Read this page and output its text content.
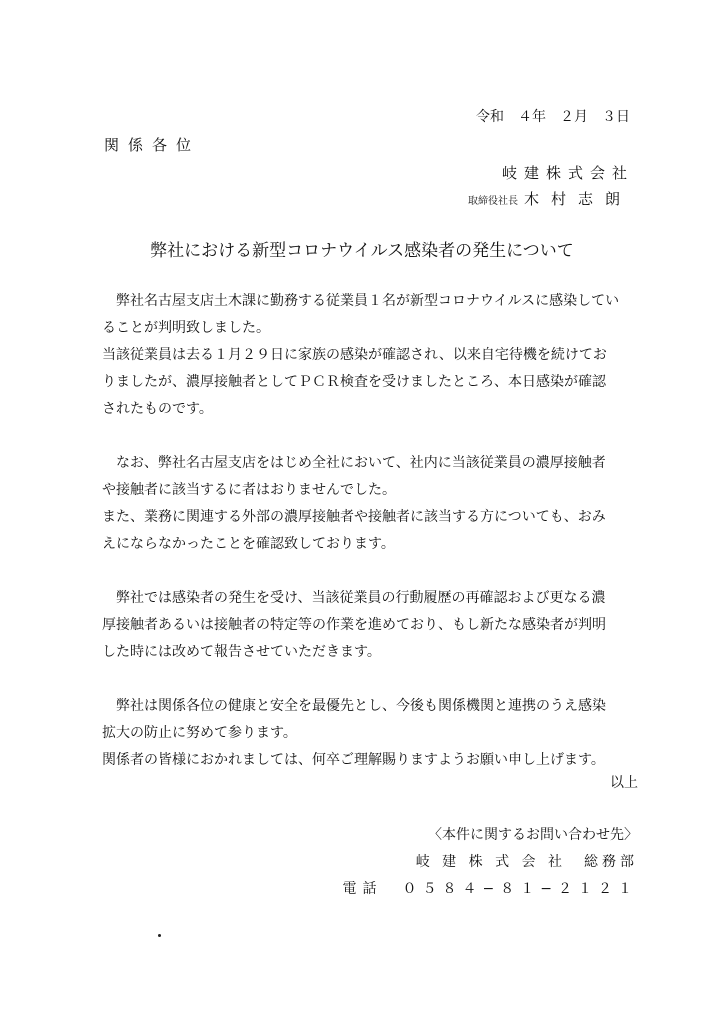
令和　４年　２月　３日
関係各位
岐建株式会社
取締役社長 木村志朗
弊社における新型コロナウイルス感染者の発生について

　弊社名古屋支店土木課に勤務する従業員１名が新型コロナウイルスに感染してい
ることが判明致しました。
当該従業員は去る１月２９日に家族の感染が確認され、以来自宅待機を続けてお
りましたが、濃厚接触者としてＰＣＲ検査を受けましたところ、本日感染が確認
されたものです。

　なお、弊社名古屋支店をはじめ全社において、社内に当該従業員の濃厚接触者
や接触者に該当するに者はおりませんでした。
また、業務に関連する外部の濃厚接触者や接触者に該当する方についても、おみ
えにならなかったことを確認致しております。

　弊社では感染者の発生を受け、当該従業員の行動履歴の再確認および更なる濃
厚接触者あるいは接触者の特定等の作業を進めており、もし新たな感染者が判明
した時には改めて報告させていただきます。

　弊社は関係各位の健康と安全を最優先とし、今後も関係機関と連携のうえ感染
拡大の防止に努めて参ります。
関係者の皆様におかれましては、何卒ご理解賜りますようお願い申し上げます。

以上
〈本件に関するお問い合わせ先〉
岐 建 株 式 会 社　総務部
電話　０５８４−８１−２１２１
